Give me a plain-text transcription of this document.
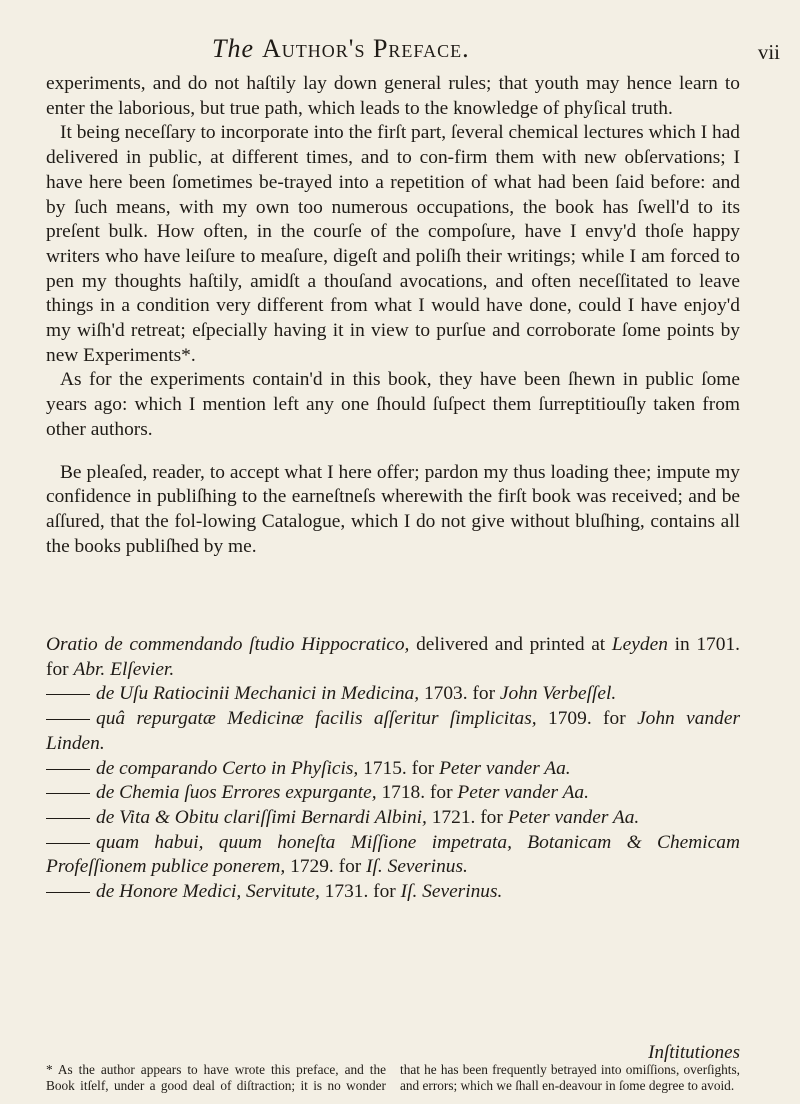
The Author's Preface.	vii

experiments, and do not haſtily lay down general rules; that youth may hence learn to enter the laborious, but true path, which leads to the knowledge of phyſical truth.

It being neceſſary to incorporate into the firſt part, ſeveral chemical lectures which I had delivered in public, at different times, and to con-firm them with new obſervations; I have here been ſometimes be-trayed into a repetition of what had been ſaid before: and by ſuch means, with my own too numerous occupations, the book has ſwell'd to its preſent bulk. How often, in the courſe of the compoſure, have I envy'd thoſe happy writers who have leiſure to meaſure, digeſt and poliſh their writings; while I am forced to pen my thoughts haſtily, amidſt a thouſand avocations, and often neceſſitated to leave things in a condition very different from what I would have done, could I have enjoy'd my wiſh'd retreat; eſpecially having it in view to purſue and corroborate ſome points by new Experiments*.

As for the experiments contain'd in this book, they have been ſhewn in public ſome years ago: which I mention left any one ſhould ſuſpect them ſurreptitiouſly taken from other authors.

Be pleaſed, reader, to accept what I here offer; pardon my thus loading thee; impute my confidence in publiſhing to the earneſtneſs wherewith the firſt book was received; and be aſſured, that the fol-lowing Catalogue, which I do not give without bluſhing, contains all the books publiſhed by me.

Oratio de commendando ſtudio Hippocratico, delivered and printed at Leyden in 1701. for Abr. Elſevier.

de Uſu Ratiocinii Mechanici in Medicina, 1703. for John Verbeſſel.

quâ repurgatæ Medicinæ facilis aſſeritur ſimplicitas, 1709. for John vander Linden.

de comparando Certo in Phyſicis, 1715. for Peter vander Aa.

de Chemia ſuos Errores expurgante, 1718. for Peter vander Aa.

de Vita & Obitu clariſſimi Bernardi Albini, 1721. for Peter vander Aa.

quam habui, quum honeſta Miſſione impetrata, Botanicam & Chemicam Profeſſionem publice ponerem, 1729. for Iſ. Severinus.

de Honore Medici, Servitute, 1731. for Iſ. Severinus.

Inſtitutiones
* As the author appears to have wrote this preface, and the Book itſelf, under a good deal of diſtraction; it is no wonder that he has been frequently betrayed into omiſſions, overſights, and errors; which we ſhall en-deavour in ſome degree to avoid.
